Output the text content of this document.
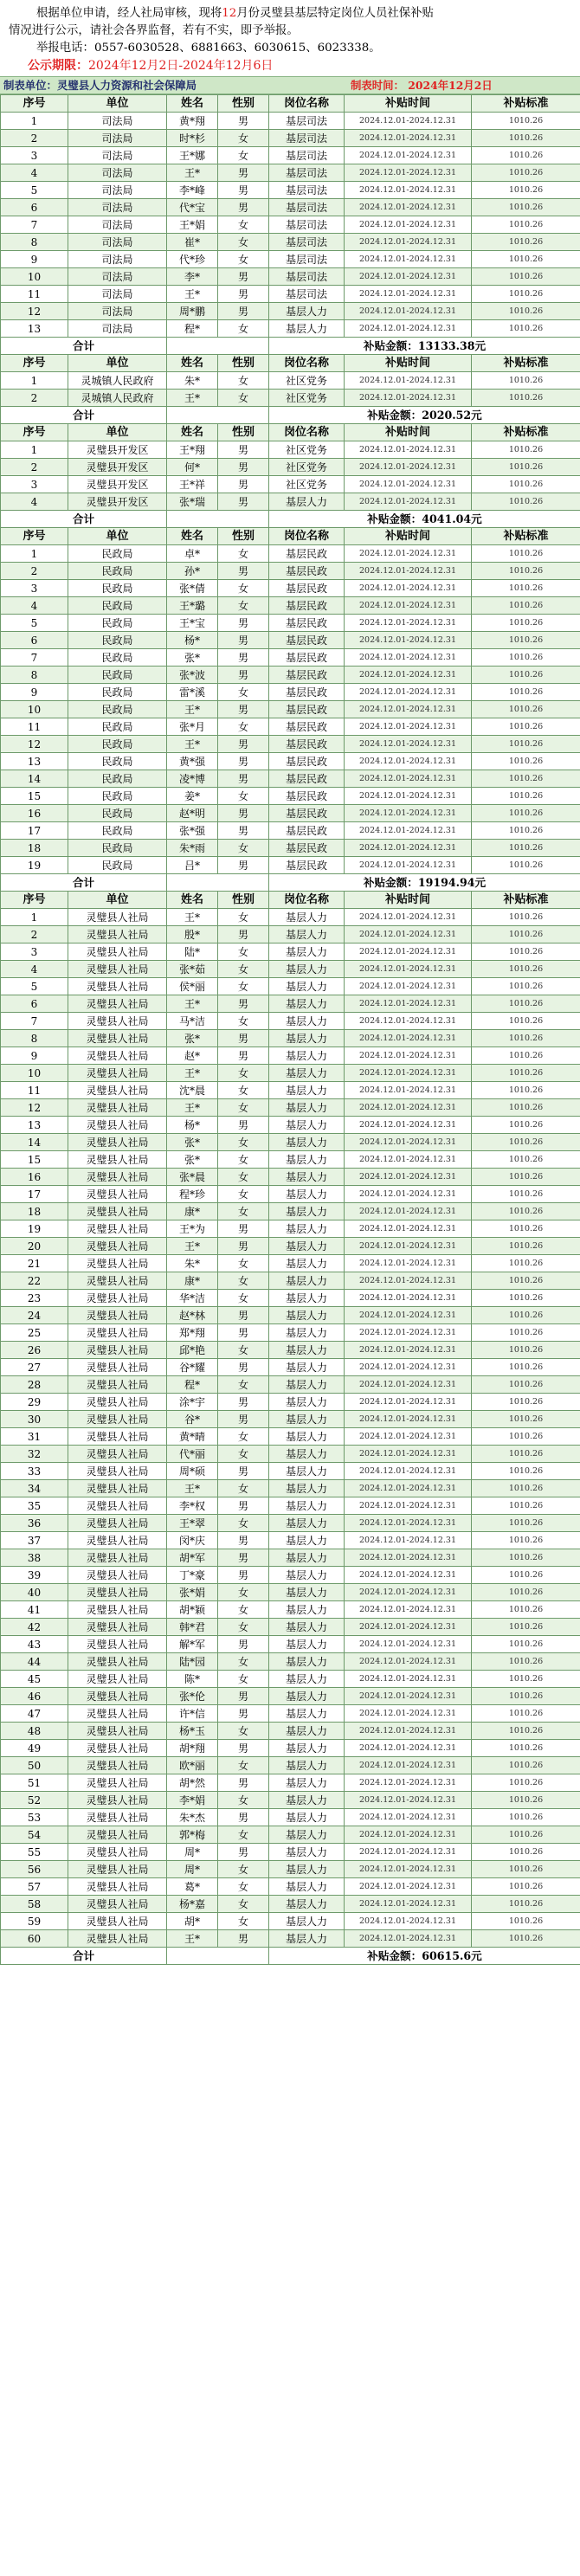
根据单位申请，经人社局审核，现将12月份灵璧县基层特定岗位人员社保补贴

情况进行公示，请社会各界监督，若有不实，即予举报。

举报电话：0557-6030528、6881663、6030615、6023338。

公示期限：2024年12月2日-2024年12月6日

制表单位：灵璧县人力资源和社会保障局	制表时间： 2024年12月2日
序号	单位	姓名	性别	岗位名称	补贴时间	补贴标准
1	司法局	黄*翔	男	基层司法	2024.12.01-2024.12.31	1010.26
2	司法局	时*杉	女	基层司法	2024.12.01-2024.12.31	1010.26
3	司法局	王*娜	女	基层司法	2024.12.01-2024.12.31	1010.26
4	司法局	王*	男	基层司法	2024.12.01-2024.12.31	1010.26
5	司法局	李*峰	男	基层司法	2024.12.01-2024.12.31	1010.26
6	司法局	代*宝	男	基层司法	2024.12.01-2024.12.31	1010.26
7	司法局	王*娟	女	基层司法	2024.12.01-2024.12.31	1010.26
8	司法局	崔*	女	基层司法	2024.12.01-2024.12.31	1010.26
9	司法局	代*珍	女	基层司法	2024.12.01-2024.12.31	1010.26
10	司法局	李*	男	基层司法	2024.12.01-2024.12.31	1010.26
11	司法局	王*	男	基层司法	2024.12.01-2024.12.31	1010.26
12	司法局	周*鹏	男	基层人力	2024.12.01-2024.12.31	1010.26
13	司法局	程*	女	基层人力	2024.12.01-2024.12.31	1010.26
合计				补贴金额：13133.38元		
序号	单位	姓名	性别	岗位名称	补贴时间	补贴标准
1	灵城镇人民政府	朱*	女	社区党务	2024.12.01-2024.12.31	1010.26
2	灵城镇人民政府	王*	女	社区党务	2024.12.01-2024.12.31	1010.26
合计				补贴金额：2020.52元		
序号	单位	姓名	性别	岗位名称	补贴时间	补贴标准
1	灵璧县开发区	王*翔	男	社区党务	2024.12.01-2024.12.31	1010.26
2	灵璧县开发区	何*	男	社区党务	2024.12.01-2024.12.31	1010.26
3	灵璧县开发区	王*祥	男	社区党务	2024.12.01-2024.12.31	1010.26
4	灵璧县开发区	张*瑞	男	基层人力	2024.12.01-2024.12.31	1010.26
合计				补贴金额：4041.04元		
序号	单位	姓名	性别	岗位名称	补贴时间	补贴标准
1	民政局	卓*	女	基层民政	2024.12.01-2024.12.31	1010.26
2	民政局	孙*	男	基层民政	2024.12.01-2024.12.31	1010.26
3	民政局	张*倩	女	基层民政	2024.12.01-2024.12.31	1010.26
4	民政局	王*璐	女	基层民政	2024.12.01-2024.12.31	1010.26
5	民政局	王*宝	男	基层民政	2024.12.01-2024.12.31	1010.26
6	民政局	杨*	男	基层民政	2024.12.01-2024.12.31	1010.26
7	民政局	张*	男	基层民政	2024.12.01-2024.12.31	1010.26
8	民政局	张*波	男	基层民政	2024.12.01-2024.12.31	1010.26
9	民政局	雷*溪	女	基层民政	2024.12.01-2024.12.31	1010.26
10	民政局	王*	男	基层民政	2024.12.01-2024.12.31	1010.26
11	民政局	张*月	女	基层民政	2024.12.01-2024.12.31	1010.26
12	民政局	王*	男	基层民政	2024.12.01-2024.12.31	1010.26
13	民政局	黄*强	男	基层民政	2024.12.01-2024.12.31	1010.26
14	民政局	凌*博	男	基层民政	2024.12.01-2024.12.31	1010.26
15	民政局	姜*	女	基层民政	2024.12.01-2024.12.31	1010.26
16	民政局	赵*明	男	基层民政	2024.12.01-2024.12.31	1010.26
17	民政局	张*强	男	基层民政	2024.12.01-2024.12.31	1010.26
18	民政局	朱*雨	女	基层民政	2024.12.01-2024.12.31	1010.26
19	民政局	吕*	男	基层民政	2024.12.01-2024.12.31	1010.26
合计				补贴金额：19194.94元		
序号	单位	姓名	性别	岗位名称	补贴时间	补贴标准
1	灵璧县人社局	王*	女	基层人力	2024.12.01-2024.12.31	1010.26
2	灵璧县人社局	殷*	男	基层人力	2024.12.01-2024.12.31	1010.26
3	灵璧县人社局	陆*	女	基层人力	2024.12.01-2024.12.31	1010.26
4	灵璧县人社局	张*茹	女	基层人力	2024.12.01-2024.12.31	1010.26
5	灵璧县人社局	侯*丽	女	基层人力	2024.12.01-2024.12.31	1010.26
6	灵璧县人社局	王*	男	基层人力	2024.12.01-2024.12.31	1010.26
7	灵璧县人社局	马*洁	女	基层人力	2024.12.01-2024.12.31	1010.26
8	灵璧县人社局	张*	男	基层人力	2024.12.01-2024.12.31	1010.26
9	灵璧县人社局	赵*	男	基层人力	2024.12.01-2024.12.31	1010.26
10	灵璧县人社局	王*	女	基层人力	2024.12.01-2024.12.31	1010.26
11	灵璧县人社局	沈*晨	女	基层人力	2024.12.01-2024.12.31	1010.26
12	灵璧县人社局	王*	女	基层人力	2024.12.01-2024.12.31	1010.26
13	灵璧县人社局	杨*	男	基层人力	2024.12.01-2024.12.31	1010.26
14	灵璧县人社局	张*	女	基层人力	2024.12.01-2024.12.31	1010.26
15	灵璧县人社局	张*	女	基层人力	2024.12.01-2024.12.31	1010.26
16	灵璧县人社局	张*晨	女	基层人力	2024.12.01-2024.12.31	1010.26
17	灵璧县人社局	程*珍	女	基层人力	2024.12.01-2024.12.31	1010.26
18	灵璧县人社局	康*	女	基层人力	2024.12.01-2024.12.31	1010.26
19	灵璧县人社局	王*为	男	基层人力	2024.12.01-2024.12.31	1010.26
20	灵璧县人社局	王*	男	基层人力	2024.12.01-2024.12.31	1010.26
21	灵璧县人社局	朱*	女	基层人力	2024.12.01-2024.12.31	1010.26
22	灵璧县人社局	康*	女	基层人力	2024.12.01-2024.12.31	1010.26
23	灵璧县人社局	华*洁	女	基层人力	2024.12.01-2024.12.31	1010.26
24	灵璧县人社局	赵*林	男	基层人力	2024.12.01-2024.12.31	1010.26
25	灵璧县人社局	郑*翔	男	基层人力	2024.12.01-2024.12.31	1010.26
26	灵璧县人社局	邱*艳	女	基层人力	2024.12.01-2024.12.31	1010.26
27	灵璧县人社局	谷*耀	男	基层人力	2024.12.01-2024.12.31	1010.26
28	灵璧县人社局	程*	女	基层人力	2024.12.01-2024.12.31	1010.26
29	灵璧县人社局	涂*宇	男	基层人力	2024.12.01-2024.12.31	1010.26
30	灵璧县人社局	谷*	男	基层人力	2024.12.01-2024.12.31	1010.26
31	灵璧县人社局	黄*晴	女	基层人力	2024.12.01-2024.12.31	1010.26
32	灵璧县人社局	代*丽	女	基层人力	2024.12.01-2024.12.31	1010.26
33	灵璧县人社局	周*硕	男	基层人力	2024.12.01-2024.12.31	1010.26
34	灵璧县人社局	王*	女	基层人力	2024.12.01-2024.12.31	1010.26
35	灵璧县人社局	李*权	男	基层人力	2024.12.01-2024.12.31	1010.26
36	灵璧县人社局	王*翠	女	基层人力	2024.12.01-2024.12.31	1010.26
37	灵璧县人社局	闵*庆	男	基层人力	2024.12.01-2024.12.31	1010.26
38	灵璧县人社局	胡*军	男	基层人力	2024.12.01-2024.12.31	1010.26
39	灵璧县人社局	丁*豪	男	基层人力	2024.12.01-2024.12.31	1010.26
40	灵璧县人社局	张*娟	女	基层人力	2024.12.01-2024.12.31	1010.26
41	灵璧县人社局	胡*颖	女	基层人力	2024.12.01-2024.12.31	1010.26
42	灵璧县人社局	韩*君	女	基层人力	2024.12.01-2024.12.31	1010.26
43	灵璧县人社局	解*军	男	基层人力	2024.12.01-2024.12.31	1010.26
44	灵璧县人社局	陆*园	女	基层人力	2024.12.01-2024.12.31	1010.26
45	灵璧县人社局	陈*	女	基层人力	2024.12.01-2024.12.31	1010.26
46	灵璧县人社局	张*伦	男	基层人力	2024.12.01-2024.12.31	1010.26
47	灵璧县人社局	许*信	男	基层人力	2024.12.01-2024.12.31	1010.26
48	灵璧县人社局	杨*玉	女	基层人力	2024.12.01-2024.12.31	1010.26
49	灵璧县人社局	胡*翔	男	基层人力	2024.12.01-2024.12.31	1010.26
50	灵璧县人社局	欧*丽	女	基层人力	2024.12.01-2024.12.31	1010.26
51	灵璧县人社局	胡*然	男	基层人力	2024.12.01-2024.12.31	1010.26
52	灵璧县人社局	李*娟	女	基层人力	2024.12.01-2024.12.31	1010.26
53	灵璧县人社局	朱*杰	男	基层人力	2024.12.01-2024.12.31	1010.26
54	灵璧县人社局	郭*梅	女	基层人力	2024.12.01-2024.12.31	1010.26
55	灵璧县人社局	周*	男	基层人力	2024.12.01-2024.12.31	1010.26
56	灵璧县人社局	周*	女	基层人力	2024.12.01-2024.12.31	1010.26
57	灵璧县人社局	葛*	女	基层人力	2024.12.01-2024.12.31	1010.26
58	灵璧县人社局	杨*嘉	女	基层人力	2024.12.01-2024.12.31	1010.26
59	灵璧县人社局	胡*	女	基层人力	2024.12.01-2024.12.31	1010.26
60	灵璧县人社局	王*	男	基层人力	2024.12.01-2024.12.31	1010.26
合计				补贴金额：60615.6元		
